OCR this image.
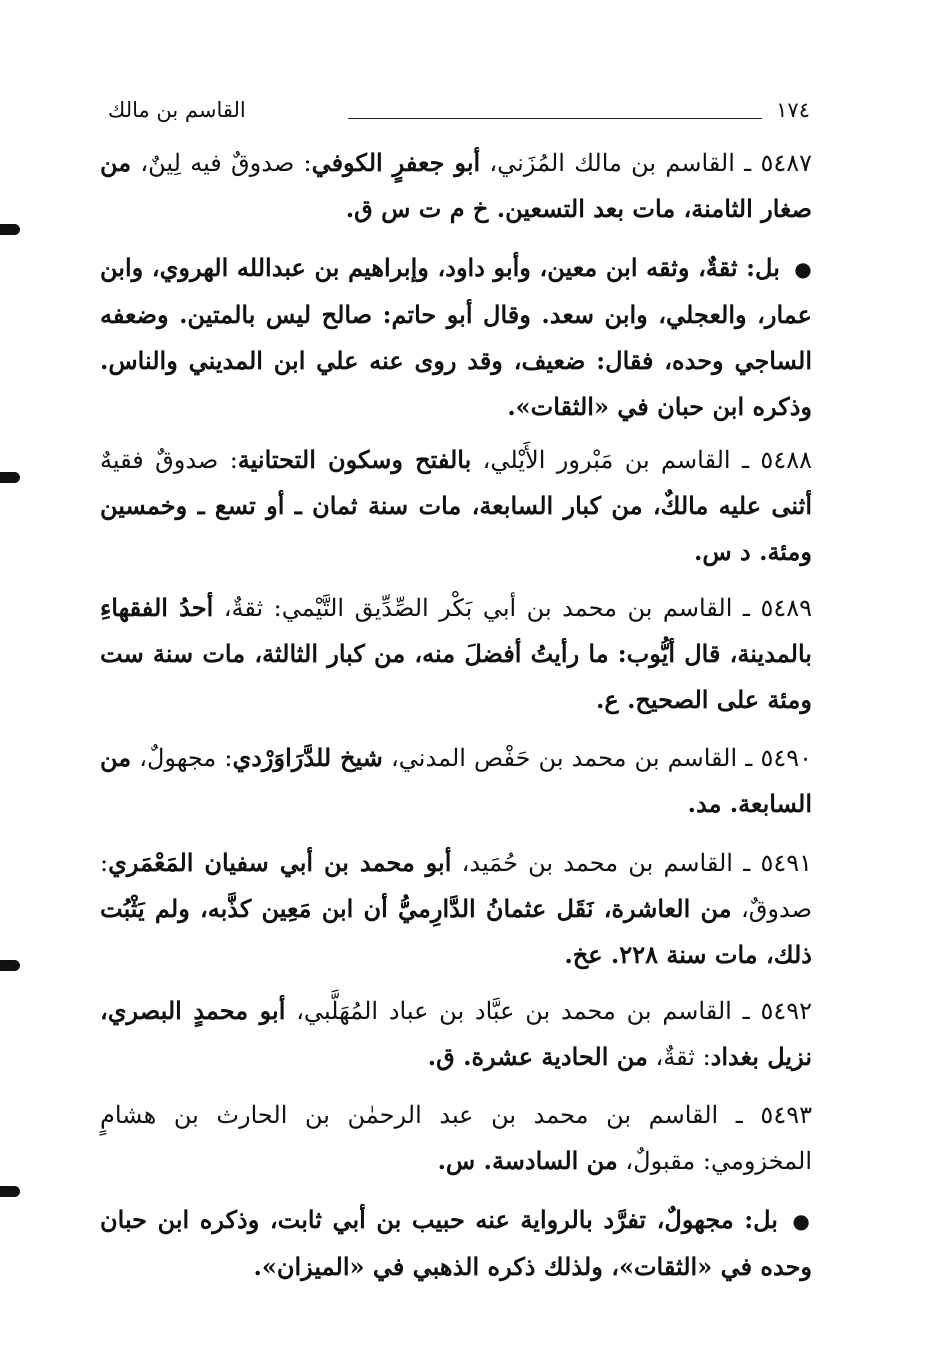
١٧٤
القاسم بن مالك
٥٤٨٧ ـ القاسم بن مالك المُزَني، أبو جعفرٍ الكوفي: صدوقٌ فيه لِينٌ، من صغار الثامنة، مات بعد التسعين. خ م ت س ق.
● بل: ثقةٌ، وثقه ابن معين، وأبو داود، وإبراهيم بن عبدالله الهروي، وابن عمار، والعجلي، وابن سعد. وقال أبو حاتم: صالح ليس بالمتين. وضعفه الساجي وحده، فقال: ضعيف، وقد روى عنه علي ابن المديني والناس. وذكره ابن حبان في «الثقات».
٥٤٨٨ ـ القاسم بن مَبْرور الأَيْلي، بالفتح وسكون التحتانية: صدوقٌ فقيهٌ أثنى عليه مالكٌ، من كبار السابعة، مات سنة ثمان ـ أو تسع ـ وخمسين ومئة. د س.
٥٤٨٩ ـ القاسم بن محمد بن أبي بَكْر الصِّدِّيق التَّيْمي: ثقةٌ، أحدُ الفقهاءِ بالمدينة، قال أيُّوب: ما رأيتُ أفضلَ منه، من كبار الثالثة، مات سنة ست ومئة على الصحيح. ع.
٥٤٩٠ ـ القاسم بن محمد بن حَفْص المدني، شيخ للدَّرَاوَرْدي: مجهولٌ، من السابعة. مد.
٥٤٩١ ـ القاسم بن محمد بن حُمَيد، أبو محمد بن أبي سفيان المَعْمَري: صدوقٌ، من العاشرة، نَقَل عثمانُ الدَّارِميُّ أن ابن مَعِين كذَّبه، ولم يَثْبُت ذلك، مات سنة ٢٢٨. عخ.
٥٤٩٢ ـ القاسم بن محمد بن عبَّاد بن عباد المُهَلَّبي، أبو محمدٍ البصري، نزيل بغداد: ثقةٌ، من الحادية عشرة. ق.
٥٤٩٣ ـ القاسم بن محمد بن عبد الرحمٰن بن الحارث بن هشامٍ المخزومي: مقبولٌ، من السادسة. س.
● بل: مجهولٌ، تفرَّد بالرواية عنه حبيب بن أبي ثابت، وذكره ابن حبان وحده في «الثقات»، ولذلك ذكره الذهبي في «الميزان».
